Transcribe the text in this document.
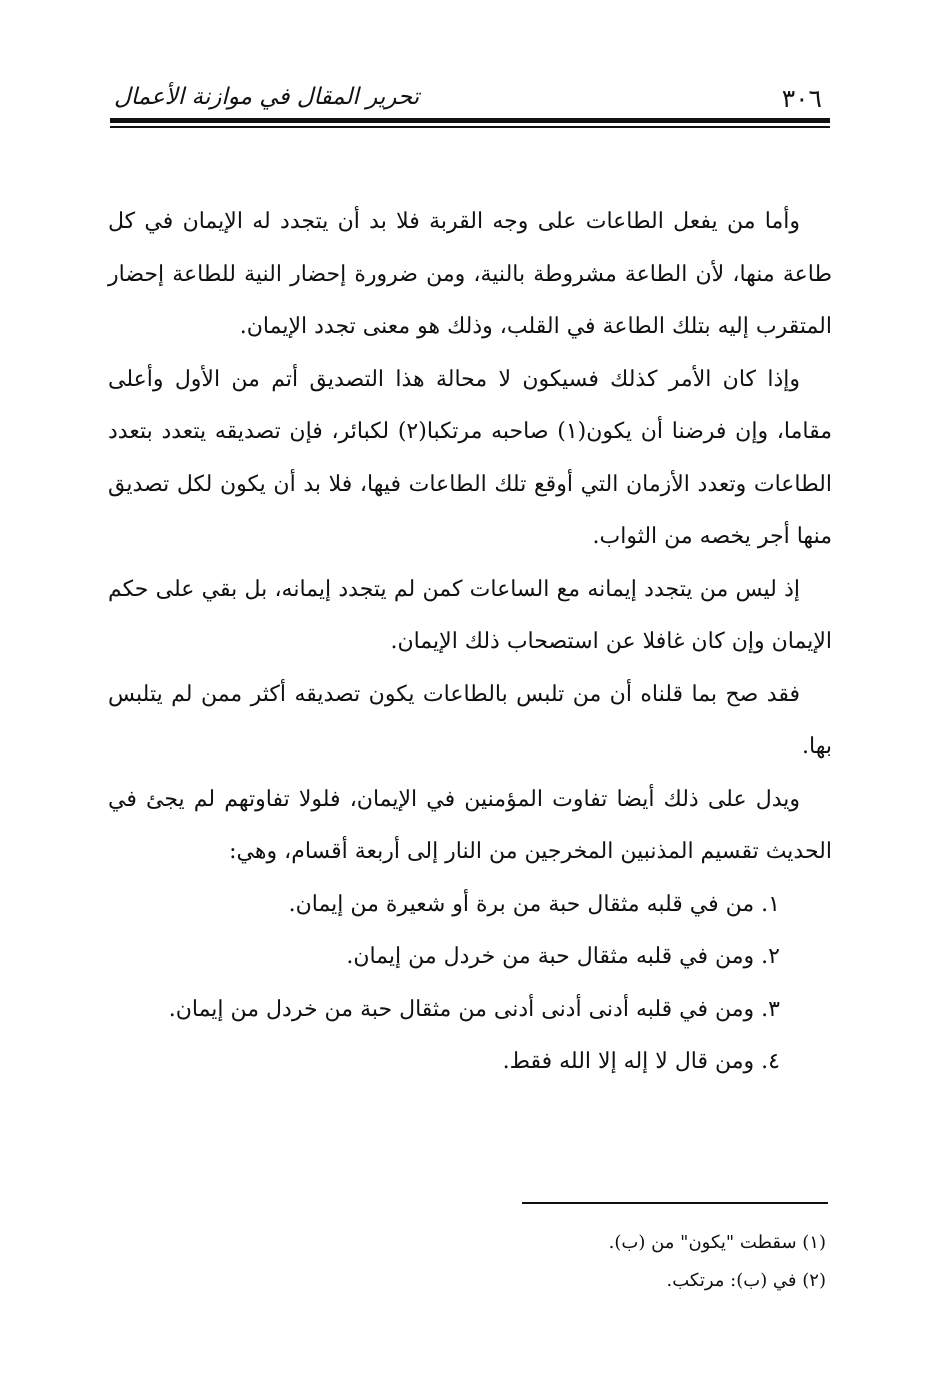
٣٠٦
تحرير المقال في موازنة الأعمال

وأما من يفعل الطاعات على وجه القربة فلا بد أن يتجدد له الإيمان في كل طاعة منها، لأن الطاعة مشروطة بالنية، ومن ضرورة إحضار النية للطاعة إحضار المتقرب إليه بتلك الطاعة في القلب، وذلك هو معنى تجدد الإيمان.

وإذا كان الأمر كذلك فسيكون لا محالة هذا التصديق أتم من الأول وأعلى مقاما، وإن فرضنا أن يكون(١) صاحبه مرتكبا(٢) لكبائر، فإن تصديقه يتعدد بتعدد الطاعات وتعدد الأزمان التي أوقع تلك الطاعات فيها، فلا بد أن يكون لكل تصديق منها أجر يخصه من الثواب.

إذ ليس من يتجدد إيمانه مع الساعات كمن لم يتجدد إيمانه، بل بقي على حكم الإيمان وإن كان غافلا عن استصحاب ذلك الإيمان.

فقد صح بما قلناه أن من تلبس بالطاعات يكون تصديقه أكثر ممن لم يتلبس بها.

ويدل على ذلك أيضا تفاوت المؤمنين في الإيمان، فلولا تفاوتهم لم يجئ في الحديث تقسيم المذنبين المخرجين من النار إلى أربعة أقسام، وهي:

١. من في قلبه مثقال حبة من برة أو شعيرة من إيمان.
٢. ومن في قلبه مثقال حبة من خردل من إيمان.
٣. ومن في قلبه أدنى أدنى أدنى من مثقال حبة من خردل من إيمان.
٤. ومن قال لا إله إلا الله فقط.

(١) سقطت "يكون" من (ب).

(٢) في (ب): مرتكب.
